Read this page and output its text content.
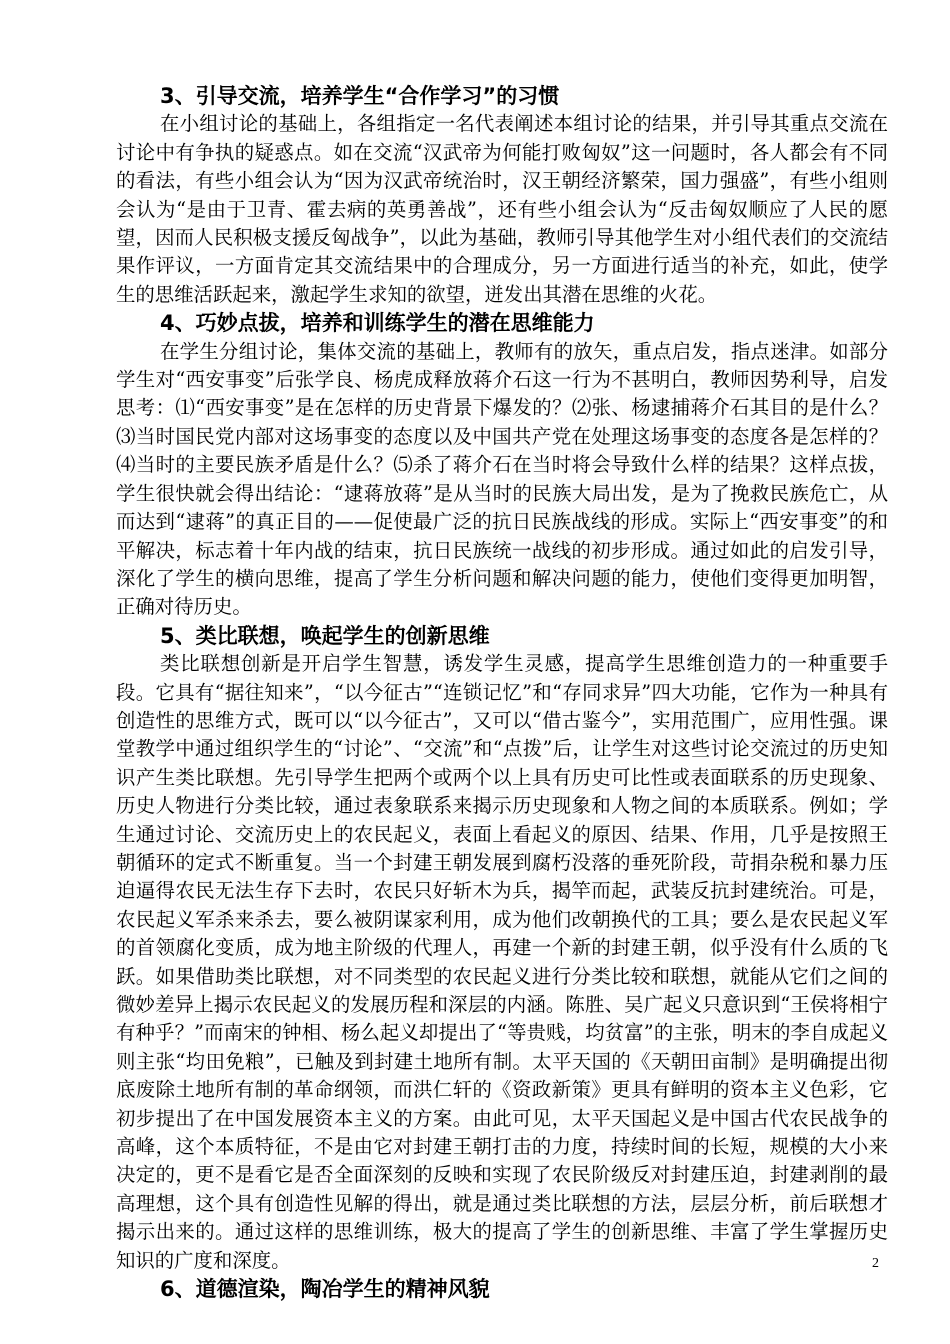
3、引导交流，培养学生“合作学习”的习惯

在小组讨论的基础上，各组指定一名代表阐述本组讨论的结果，并引导其重点交流在讨论中有争执的疑惑点。如在交流“汉武帝为何能打败匈奴”这一问题时，各人都会有不同的看法，有些小组会认为“因为汉武帝统治时，汉王朝经济繁荣，国力强盛”，有些小组则会认为“是由于卫青、霍去病的英勇善战”，还有些小组会认为“反击匈奴顺应了人民的愿望，因而人民积极支援反匈战争”，以此为基础，教师引导其他学生对小组代表们的交流结果作评议，一方面肯定其交流结果中的合理成分，另一方面进行适当的补充，如此，使学生的思维活跃起来，激起学生求知的欲望，迸发出其潜在思维的火花。

4、巧妙点拔，培养和训练学生的潜在思维能力

在学生分组讨论，集体交流的基础上，教师有的放矢，重点启发，指点迷津。如部分学生对“西安事变”后张学良、杨虎成释放蒋介石这一行为不甚明白，教师因势利导，启发思考：⑴“西安事变”是在怎样的历史背景下爆发的？⑵张、杨逮捕蒋介石其目的是什么？⑶当时国民党内部对这场事变的态度以及中国共产党在处理这场事变的态度各是怎样的？⑷当时的主要民族矛盾是什么？⑸杀了蒋介石在当时将会导致什么样的结果？这样点拔，学生很快就会得出结论：“逮蒋放蒋”是从当时的民族大局出发，是为了挽救民族危亡，从而达到“逮蒋”的真正目的——促使最广泛的抗日民族战线的形成。实际上“西安事变”的和平解决，标志着十年内战的结束，抗日民族统一战线的初步形成。通过如此的启发引导，深化了学生的横向思维，提高了学生分析问题和解决问题的能力，使他们变得更加明智，正确对待历史。

5、类比联想，唤起学生的创新思维

类比联想创新是开启学生智慧，诱发学生灵感，提高学生思维创造力的一种重要手段。它具有“据往知来”，“以今征古”“连锁记忆”和“存同求异”四大功能，它作为一种具有创造性的思维方式，既可以“以今征古”，又可以“借古鉴今”，实用范围广，应用性强。课堂教学中通过组织学生的“讨论”、“交流”和“点拨”后，让学生对这些讨论交流过的历史知识产生类比联想。先引导学生把两个或两个以上具有历史可比性或表面联系的历史现象、历史人物进行分类比较，通过表象联系来揭示历史现象和人物之间的本质联系。例如；学生通过讨论、交流历史上的农民起义，表面上看起义的原因、结果、作用，几乎是按照王朝循环的定式不断重复。当一个封建王朝发展到腐朽没落的垂死阶段，苛捐杂税和暴力压迫逼得农民无法生存下去时，农民只好斩木为兵，揭竿而起，武装反抗封建统治。可是，农民起义军杀来杀去，要么被阴谋家利用，成为他们改朝换代的工具；要么是农民起义军的首领腐化变质，成为地主阶级的代理人，再建一个新的封建王朝，似乎没有什么质的飞跃。如果借助类比联想，对不同类型的农民起义进行分类比较和联想，就能从它们之间的微妙差异上揭示农民起义的发展历程和深层的内涵。陈胜、吴广起义只意识到“王侯将相宁有种乎？”而南宋的钟相、杨么起义却提出了“等贵贱，均贫富”的主张，明末的李自成起义则主张“均田免粮”，已触及到封建土地所有制。太平天国的《天朝田亩制》是明确提出彻底废除土地所有制的革命纲领，而洪仁轩的《资政新策》更具有鲜明的资本主义色彩，它初步提出了在中国发展资本主义的方案。由此可见，太平天国起义是中国古代农民战争的高峰，这个本质特征，不是由它对封建王朝打击的力度，持续时间的长短，规模的大小来决定的，更不是看它是否全面深刻的反映和实现了农民阶级反对封建压迫，封建剥削的最高理想，这个具有创造性见解的得出，就是通过类比联想的方法，层层分析，前后联想才揭示出来的。通过这样的思维训练，极大的提高了学生的创新思维、丰富了学生掌握历史知识的广度和深度。

6、道德渲染，陶冶学生的精神风貌
2
